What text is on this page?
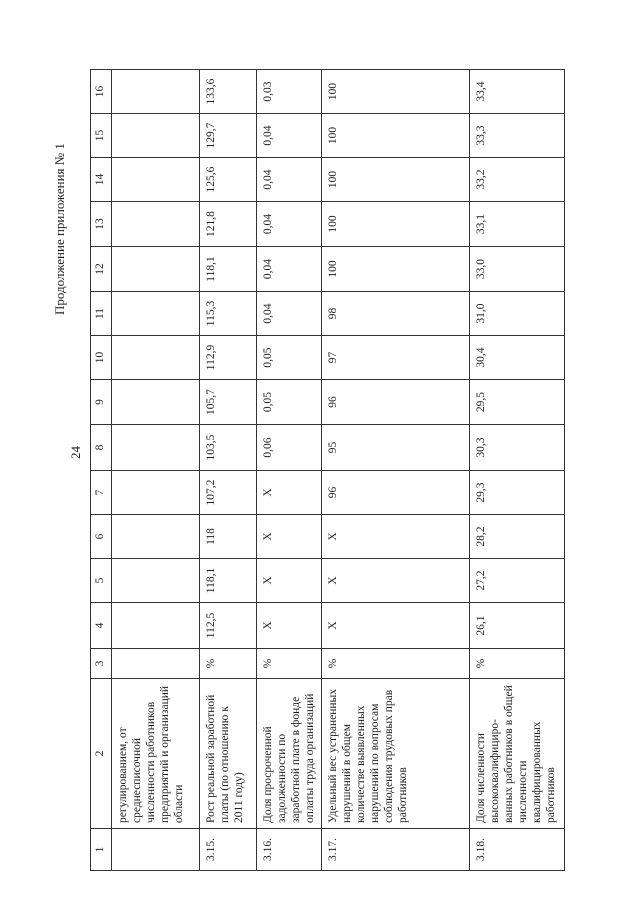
24
Продолжение приложения № 1
1	2	3	4	5	6	7	8	9	10	11	12	13	14	15	16
	регулированием, от среднесписочной численности работников предприятий и организаций области														
3.15.	Рост реальной заработной платы (по отношению к 2011 году)	%	112,5	118,1	118	107,2	103,5	105,7	112,9	115,3	118,1	121,8	125,6	129,7	133,6
3.16.	Доля просроченной задолженности по заработной плате в фонде оплаты труда организаций	%	Х	Х	Х	Х	0,06	0,05	0,05	0,04	0,04	0,04	0,04	0,04	0,03
3.17.	Удельный вес устраненных нарушений в общем количестве выявленных нарушений по вопросам соблюдения трудовых прав работников	%	Х	Х	Х	96	95	96	97	98	100	100	100	100	100
3.18.	Доля численности высококвалифициро-ванных работников в общей численности квалифицированных работников	%	26,1	27,2	28,2	29,3	30,3	29,5	30,4	31,0	33,0	33,1	33,2	33,3	33,4
